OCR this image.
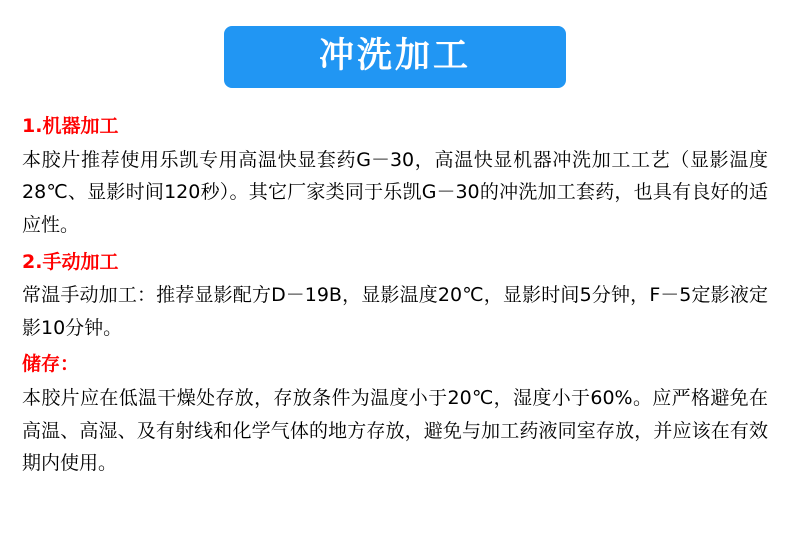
冲洗加工
1.机器加工
本胶片推荐使用乐凯专用高温快显套药G－30，高温快显机器冲洗加工工艺（显影温度28℃、显影时间120秒）。其它厂家类同于乐凯G－30的冲洗加工套药，也具有良好的适应性。
2.手动加工
常温手动加工：推荐显影配方D－19B，显影温度20℃，显影时间5分钟，F－5定影液定影10分钟。
储存：
本胶片应在低温干燥处存放，存放条件为温度小于20℃，湿度小于60%。应严格避免在高温、高湿、及有射线和化学气体的地方存放，避免与加工药液同室存放，并应该在有效期内使用。
